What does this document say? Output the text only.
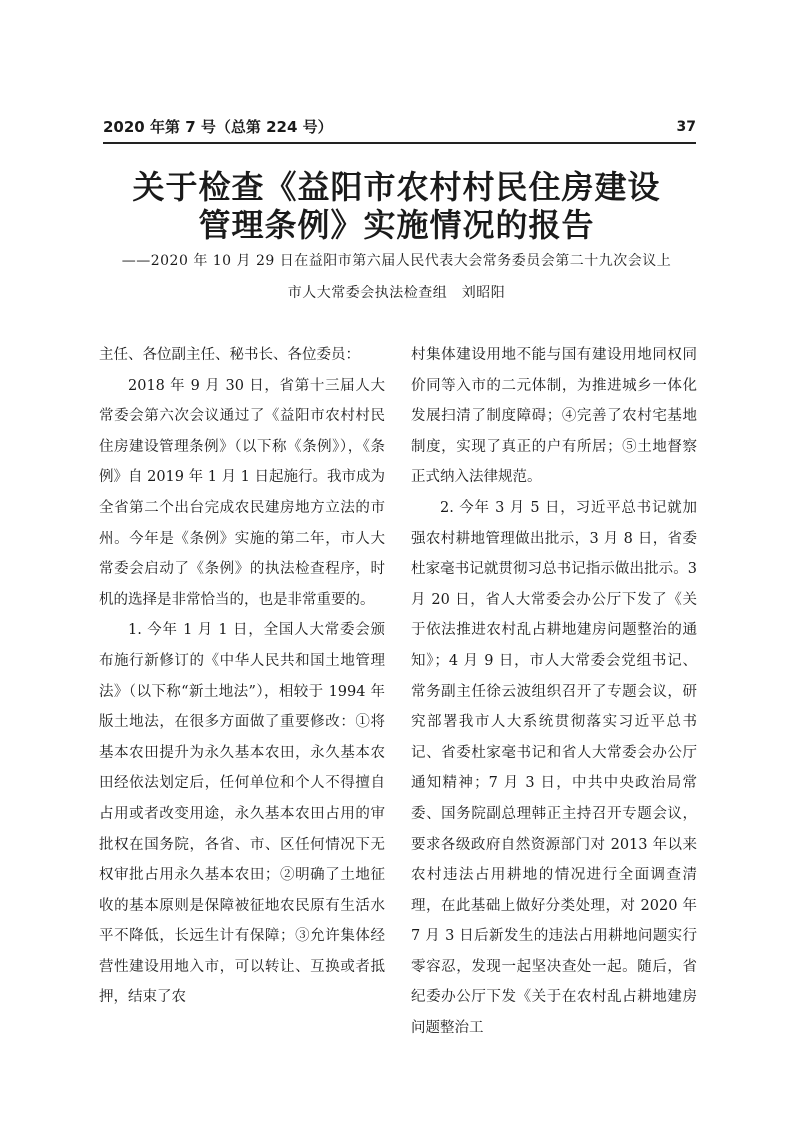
2020 年第 7 号（总第 224 号）	37
关于检查《益阳市农村村民住房建设
管理条例》实施情况的报告
——2020 年 10 月 29 日在益阳市第六届人民代表大会常务委员会第二十九次会议上
市人大常委会执法检查组　刘昭阳

主任、各位副主任、秘书长、各位委员：

2018 年 9 月 30 日，省第十三届人大常委会第六次会议通过了《益阳市农村村民住房建设管理条例》（以下称《条例》），《条例》自 2019 年 1 月 1 日起施行。我市成为全省第二个出台完成农民建房地方立法的市州。今年是《条例》实施的第二年，市人大常委会启动了《条例》的执法检查程序，时机的选择是非常恰当的，也是非常重要的。

1. 今年 1 月 1 日，全国人大常委会颁布施行新修订的《中华人民共和国土地管理法》（以下称“新土地法”），相较于 1994 年版土地法，在很多方面做了重要修改：①将基本农田提升为永久基本农田，永久基本农田经依法划定后，任何单位和个人不得擅自占用或者改变用途，永久基本农田占用的审批权在国务院，各省、市、区任何情况下无权审批占用永久基本农田；②明确了土地征收的基本原则是保障被征地农民原有生活水平不降低，长远生计有保障；③允许集体经营性建设用地入市，可以转让、互换或者抵押，结束了农

村集体建设用地不能与国有建设用地同权同价同等入市的二元体制，为推进城乡一体化发展扫清了制度障碍；④完善了农村宅基地制度，实现了真正的户有所居；⑤土地督察正式纳入法律规范。

2. 今年 3 月 5 日，习近平总书记就加强农村耕地管理做出批示，3 月 8 日，省委杜家毫书记就贯彻习总书记指示做出批示。3 月 20 日，省人大常委会办公厅下发了《关于依法推进农村乱占耕地建房问题整治的通知》；4 月 9 日，市人大常委会党组书记、常务副主任徐云波组织召开了专题会议，研究部署我市人大系统贯彻落实习近平总书记、省委杜家毫书记和省人大常委会办公厅通知精神；7 月 3 日，中共中央政治局常委、国务院副总理韩正主持召开专题会议，要求各级政府自然资源部门对 2013 年以来农村违法占用耕地的情况进行全面调查清理，在此基础上做好分类处理，对 2020 年 7 月 3 日后新发生的违法占用耕地问题实行零容忍，发现一起坚决查处一起。随后，省纪委办公厅下发《关于在农村乱占耕地建房问题整治工
